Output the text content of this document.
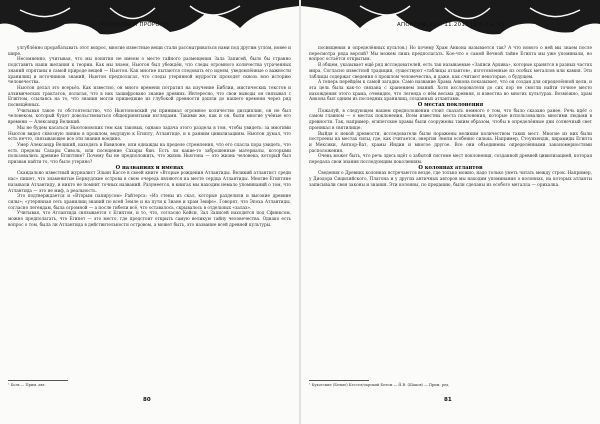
ТРАДИЦИИ И ПРОРОКИ

улгублённо прорабатывать этот вопрос, многие известные вещи стали рассматриваться нами под другим углом, новее и шире.

Несомненно, учитывая, что мы понятия не имеем о месте тайного размещения Зала Записей, было бы странно подставить наши желания к теории. Как мы знаем, Ньютон был убеждён, что следы огромного количества утраченных знаний спрятаны в самой природе вещей — Ньютон. Как многие пытаются следовать его идеям, уведомлённые о важности хранилищ и источников знаний, Ньютон предполагал, что следы утерянной мудрости проходят сквозь всю историю человечества.

Ньютон делал это всерьёз. Как известно, он много времени потратил на изучение Библии, мистических текстов и алхимических трактатов, полагая, что в них зашифровано знание древних. Интересно, что свои выводы он связывал с Египтом, ссылаясь на то, что знания могли пришедшие из глубокой древности дошли до нашего времени через ряд посвящённых.

Учитывая такое то обстоятельство, что Ньютоновский ум принимал огромное количество дисциплин, он не был человеком, который будет довольствоваться общепринятыми взглядами. Такими же, как и он, были многие учёные его времени — Александр Великий.

Мы не будем касаться Ньютоновских тем как таковых, однако задача этого раздела в том, чтобы увидеть: за многими Ньютон видел сквозную линию в прошлом, ведущую к Египту, Атлантиде, и к ранним цивилизациям. Ньютон думал, что есть нечто, связывающее все эти знания воедино.

Умер Александр Великий, находясь в Вавилоне, или однажды на пределе стремления, что его спасла пора увидеть, что есть пределы Сахары Сиволь, или посещение Сахары бин. Есть ли какие-то заброшенные материалы, которыми пользовались древние Египтяне? Почему бы не предположить, что жизнь Ньютона — это жизнь человека, который был призван найти то, что было утеряно?

О названиях и именах

Скандально известный журналист Эльин Кассе в своей книге «Вторые рождения Атлантиды. Великий атлантист среди нас» пишет, что знаменитые Бермудские острова в свою очередь являются на месте сердца Атлантиды. Многие Египтяне называли Атлантиду, и никто не помнит точных названий. Разумеется, в книгах мы находим немало упоминаний о том, что Атлантида — это не миф, а реальность.

Это подтверждается и «Вторым папирусом» Райтерса: «Из стены из скал, которые разделили и высокие древние силы»; «утерянная сеть хранилищ знаний по всей Земле и на пути к Зиане и храм Зеифе». Говорят, что Эпоха Атлантиды, согласно легендам, была огромной — а после гибели всё, что оставалось, скрывалось в отдельных «залах».

Учитывая, что Атлантида связывается с Египтом, и то, что, согласно Кейси, Зал Записей находится под Сфинксом, можно предполагать, что Египет — это место, где предстоит открыть самую великую тайну человечества. Однако есть вопрос о том, была ли Атлантида в действительности островом, а может быть, это название всей древней культуры.

¹ Боль — Прим. авт.
80
АПОКРИФ-109: 11.2016 (Я.5.2.е.л.)

посвящения и определённых культов.) Но почему Храм Анкона называется так? А что нового о ней мы знаем после пересмотра ряда версий? Мы можем лишь предполагать. Кое-что о самой Вечной тайне Египта мы уже упоминали, но вопрос остаётся открытым.

В общем, указывает ещё ряд исследователей, есть так называемые «Записи Архива», которые хранятся в разных частях мира. Согласно известной традиции, существуют «таблицы атлантов», изготовленные из особых металлов или камня. Эти таблицы содержат сведения о прошлом человечества, и даже, как считают некоторые, о будущем.

А теперь перейдём к самой загадке. Само название Храма Анкона показывает, что он создан для определённой цели, и эта цель была как-то связана с хранением знаний. Хотя исследователи до сих пор не смогли найти точное место нахождения этого храма, очевидно, что легенда о нём весьма древняя, и известна во многих культурах. Возможно, храм Анкона был одним из последних хранилищ, созданных атлантами.

О местах поклонения

Пожалуй, в следующем нашем предположении стоит сказать немного о том, что было сказано ранее. Речь идёт о самом главном — о местах поклонения. Всем известны места поклонения, которые использовались многими людьми в древности. Так, например, египетские храмы были сооружены таким образом, чтобы в определённые дни солнечный свет проникал в святилище.

Выйдя к некой древности, исследователи были поражены великим количеством таких мест. Многие из них были построены на местах силы, где, как считается, энергия Земли особенно сильна. Например, Стоунхендж, пирамиды Египта и Мексики, Ангкор-Ват, храмы Индии и многое другое. Все они объединены определёнными закономерностями расположения.

Очень может быть, что речь здесь идёт о забытой системе мест поклонения, созданной древней цивилизацией, которая передала свои знания последующим поколениям.

О колоннах атлантов

Сведения о Древних колоннах встречаются везде, где только можно, надо только уметь читать между строк. Например, у Диодора Сицилийского, Платона и у других античных авторов мы находим упоминания о колоннах, на которых атланты записывали свои законы и знания. Эти колонны, по преданию, были сделаны из особого металла — орихалка.

¹ Кукотские (Белые) Кессел/чарский Белом — Й.В. (Шаков) — Прим. ред.
81
